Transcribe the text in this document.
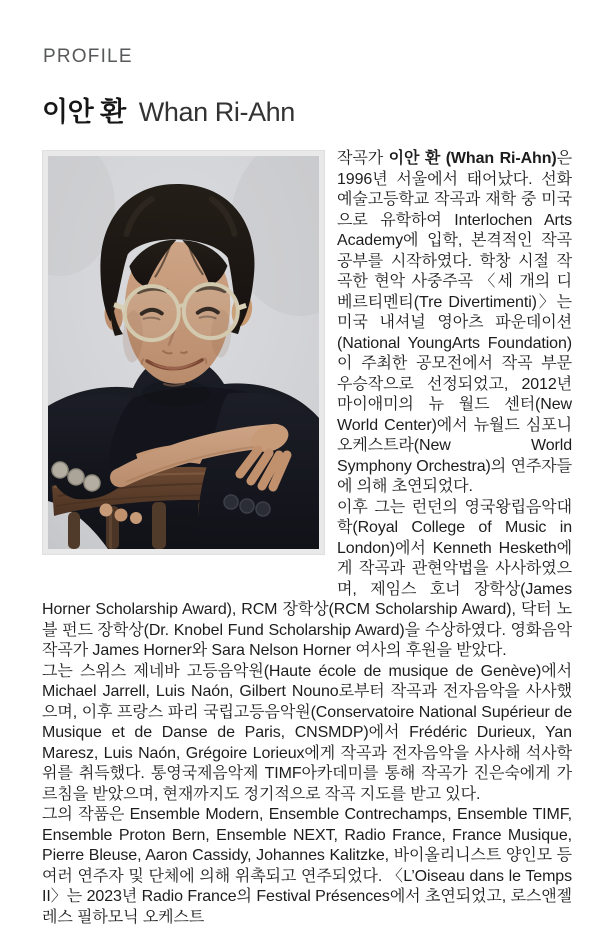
PROFILE
이안 환 Whan Ri-Ahn

작곡가 이안 환 (Whan Ri-Ahn)은 1996년 서울에서 태어났다. 선화예술고등학교 작곡과 재학 중 미국으로 유학하여 Interlochen Arts Academy에 입학, 본격적인 작곡 공부를 시작하였다. 학창 시절 작곡한 현악 사중주곡 〈세 개의 디베르티멘티(Tre Divertimenti)〉는 미국 내셔널 영아츠 파운데이션(National YoungArts Foundation)이 주최한 공모전에서 작곡 부문 우승작으로 선정되었고, 2012년 마이애미의 뉴 월드 센터(New World Center)에서 뉴월드 심포니 오케스트라(New World Symphony Orchestra)의 연주자들에 의해 초연되었다.

이후 그는 런던의 영국왕립음악대학(Royal College of Music in London)에서 Kenneth Hesketh에게 작곡과 관현악법을 사사하였으며, 제임스 호너 장학상(James Horner Scholarship Award), RCM 장학상(RCM Scholarship Award), 닥터 노블 펀드 장학상(Dr. Knobel Fund Scholarship Award)을 수상하였다. 영화음악 작곡가 James Horner와 Sara Nelson Horner 여사의 후원을 받았다.

그는 스위스 제네바 고등음악원(Haute école de musique de Genève)에서 Michael Jarrell, Luis Naón, Gilbert Nouno로부터 작곡과 전자음악을 사사했으며, 이후 프랑스 파리 국립고등음악원(Conservatoire National Supérieur de Musique et de Danse de Paris, CNSMDP)에서 Frédéric Durieux, Yan Maresz, Luis Naón, Grégoire Lorieux에게 작곡과 전자음악을 사사해 석사학위를 취득했다. 통영국제음악제 TIMF아카데미를 통해 작곡가 진은숙에게 가르침을 받았으며, 현재까지도 정기적으로 작곡 지도를 받고 있다.

그의 작품은 Ensemble Modern, Ensemble Contrechamps, Ensemble TIMF, Ensemble Proton Bern, Ensemble NEXT, Radio France, France Musique, Pierre Bleuse, Aaron Cassidy, Johannes Kalitzke, 바이올리니스트 양인모 등 여러 연주자 및 단체에 의해 위촉되고 연주되었다. 〈L’Oiseau dans le Temps II〉는 2023년 Radio France의 Festival Présences에서 초연되었고, 로스앤젤레스 필하모닉 오케스트
